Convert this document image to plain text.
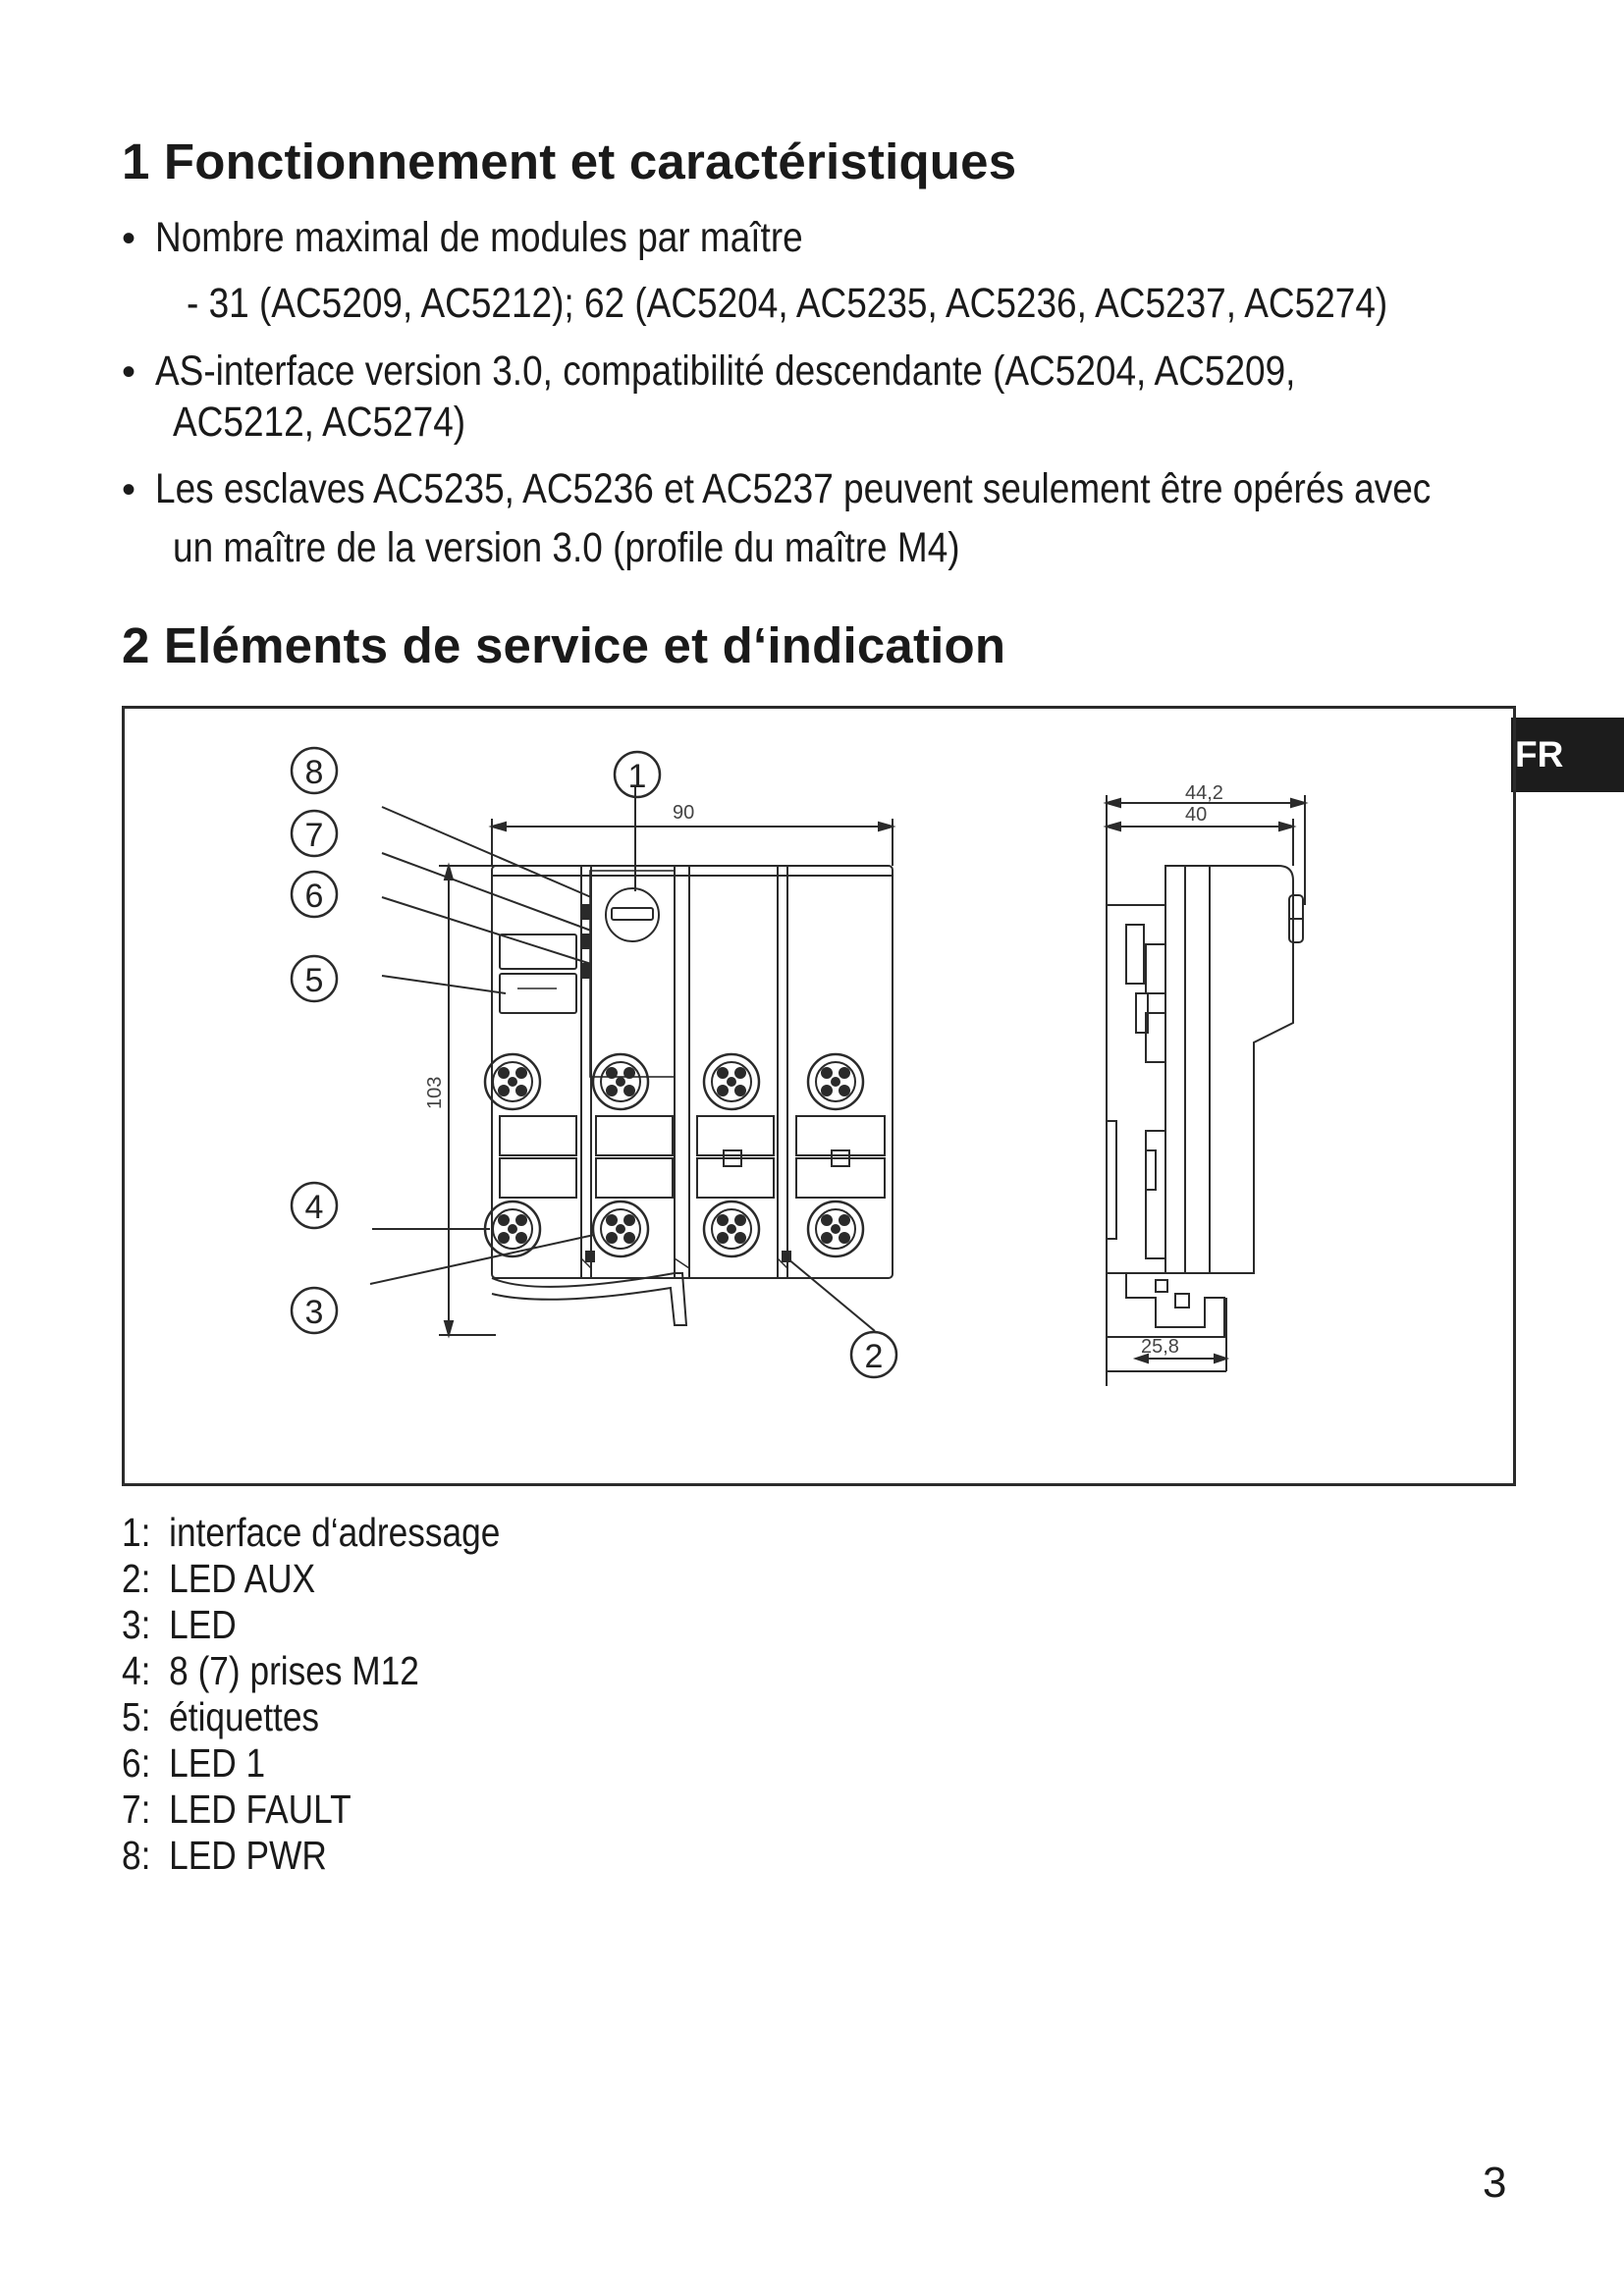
1 Fonctionnement et caractéristiques
• Nombre maximal de modules par maître
- 31 (AC5209, AC5212); 62 (AC5204, AC5235, AC5236, AC5237, AC5274)
• AS-interface version 3.0, compatibilité descendante (AC5204, AC5209,
AC5212, AC5274)
• Les esclaves AC5235, AC5236 et AC5237 peuvent seulement être opérés avec
un maître de la version 3.0 (profile du maître M4)
2 Eléments de service et d‘indication
FR
90
103
8
7
6
5
4
3
1
2
44,2
40
25,8
1: interface d‘adressage
2: LED AUX
3: LED
4: 8 (7) prises M12
5: étiquettes
6: LED 1
7: LED FAULT
8: LED PWR
3
